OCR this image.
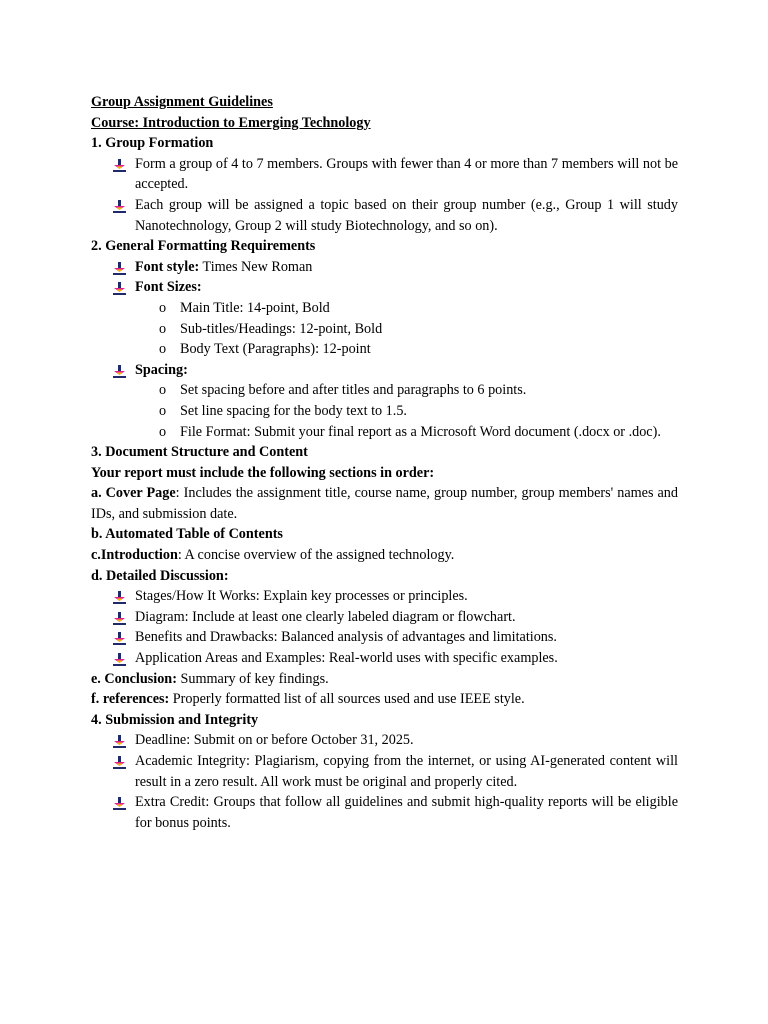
Group Assignment Guidelines

Course: Introduction to Emerging Technology

1. Group Formation

Form a group of 4 to 7 members. Groups with fewer than 4 or more than 7 members will not be accepted.
Each group will be assigned a topic based on their group number (e.g., Group 1 will study Nanotechnology, Group 2 will study Biotechnology, and so on).

2. General Formatting Requirements

Font style: Times New Roman
Font Sizes:
o Main Title: 14-point, Bold
o Sub-titles/Headings: 12-point, Bold
o Body Text (Paragraphs): 12-point
Spacing:
o Set spacing before and after titles and paragraphs to 6 points.
o Set line spacing for the body text to 1.5.
o File Format: Submit your final report as a Microsoft Word document (.docx or .doc).

3. Document Structure and Content

Your report must include the following sections in order:

a. Cover Page: Includes the assignment title, course name, group number, group members' names and IDs, and submission date.

b. Automated Table of Contents

c.Introduction: A concise overview of the assigned technology.

d. Detailed Discussion:

Stages/How It Works: Explain key processes or principles.
Diagram: Include at least one clearly labeled diagram or flowchart.
Benefits and Drawbacks: Balanced analysis of advantages and limitations.
Application Areas and Examples: Real-world uses with specific examples.

e. Conclusion: Summary of key findings.

f. references: Properly formatted list of all sources used and use IEEE style.

4. Submission and Integrity

Deadline: Submit on or before October 31, 2025.
Academic Integrity: Plagiarism, copying from the internet, or using AI-generated content will result in a zero result. All work must be original and properly cited.
Extra Credit: Groups that follow all guidelines and submit high-quality reports will be eligible for bonus points.
